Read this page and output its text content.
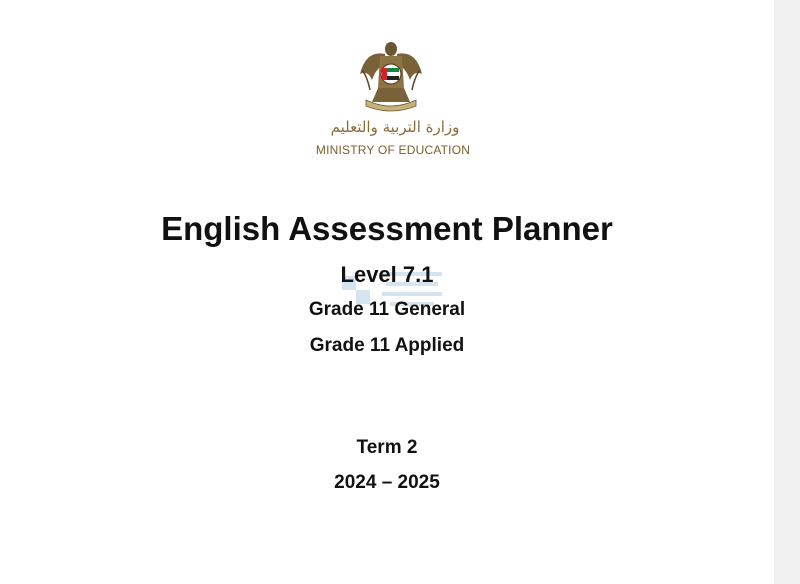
وزارة التربية والتعليم
MINISTRY OF EDUCATION
English Assessment Planner
Level 7.1
Grade 11 General
Grade 11 Applied
Term 2
2024 – 2025
